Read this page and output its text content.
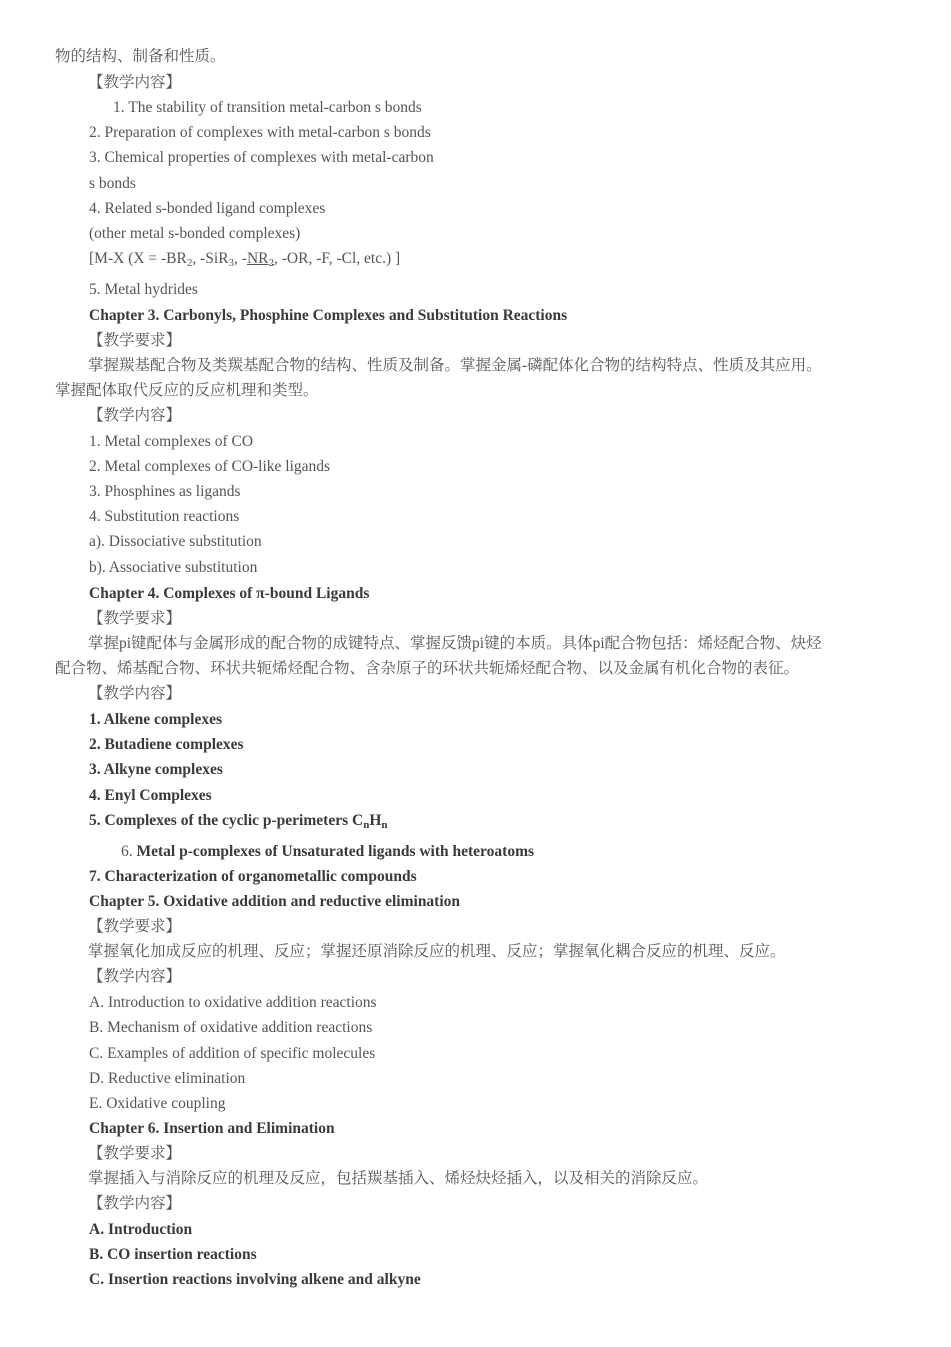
物的结构、制备和性质。
【教学内容】
1. The stability of transition metal-carbon s bonds
2. Preparation of complexes with metal-carbon s bonds
3. Chemical properties of complexes with metal-carbon
s bonds
4. Related s-bonded ligand complexes
(other metal s-bonded complexes)
[M-X ($X = -BR_2$, -SiR$_3$, $-NR_2$, -OR, -F, -Cl, etc.) ]
5. Metal hydrides
Chapter 3. Carbonyls, Phosphine Complexes and Substitution Reactions
【教学要求】
掌握羰基配合物及类羰基配合物的结构、性质及制备。掌握金属-磷配体化合物的结构特点、性质及其应用。
掌握配体取代反应的反应机理和类型。
【教学内容】
1. Metal complexes of CO
2. Metal complexes of CO-like ligands
3. Phosphines as ligands
4. Substitution reactions
a). Dissociative substitution
b). Associative substitution
Chapter 4. Complexes of π-bound Ligands
【教学要求】
掌握pi键配体与金属形成的配合物的成键特点、掌握反馈pi键的本质。具体pi配合物包括：烯烃配合物、炔烃
配合物、烯基配合物、环状共轭烯烃配合物、含杂原子的环状共轭烯烃配合物、以及金属有机化合物的表征。
【教学内容】
1. Alkene complexes
2. Butadiene complexes
3. Alkyne complexes
4. Enyl Complexes
5. Complexes of the cyclic p-perimeters $C_nH_n$
6. Metal p-complexes of Unsaturated ligands with heteroatoms
7. Characterization of organometallic compounds
Chapter 5. Oxidative addition and reductive elimination
【教学要求】
掌握氧化加成反应的机理、反应；掌握还原消除反应的机理、反应；掌握氧化耦合反应的机理、反应。
【教学内容】
A. Introduction to oxidative addition reactions
B. Mechanism of oxidative addition reactions
C. Examples of addition of specific molecules
D. Reductive elimination
E. Oxidative coupling
Chapter 6. Insertion and Elimination
【教学要求】
掌握插入与消除反应的机理及反应，包括羰基插入、烯烃炔烃插入，以及相关的消除反应。
【教学内容】
A. Introduction
B. CO insertion reactions
C. Insertion reactions involving alkene and alkyne
